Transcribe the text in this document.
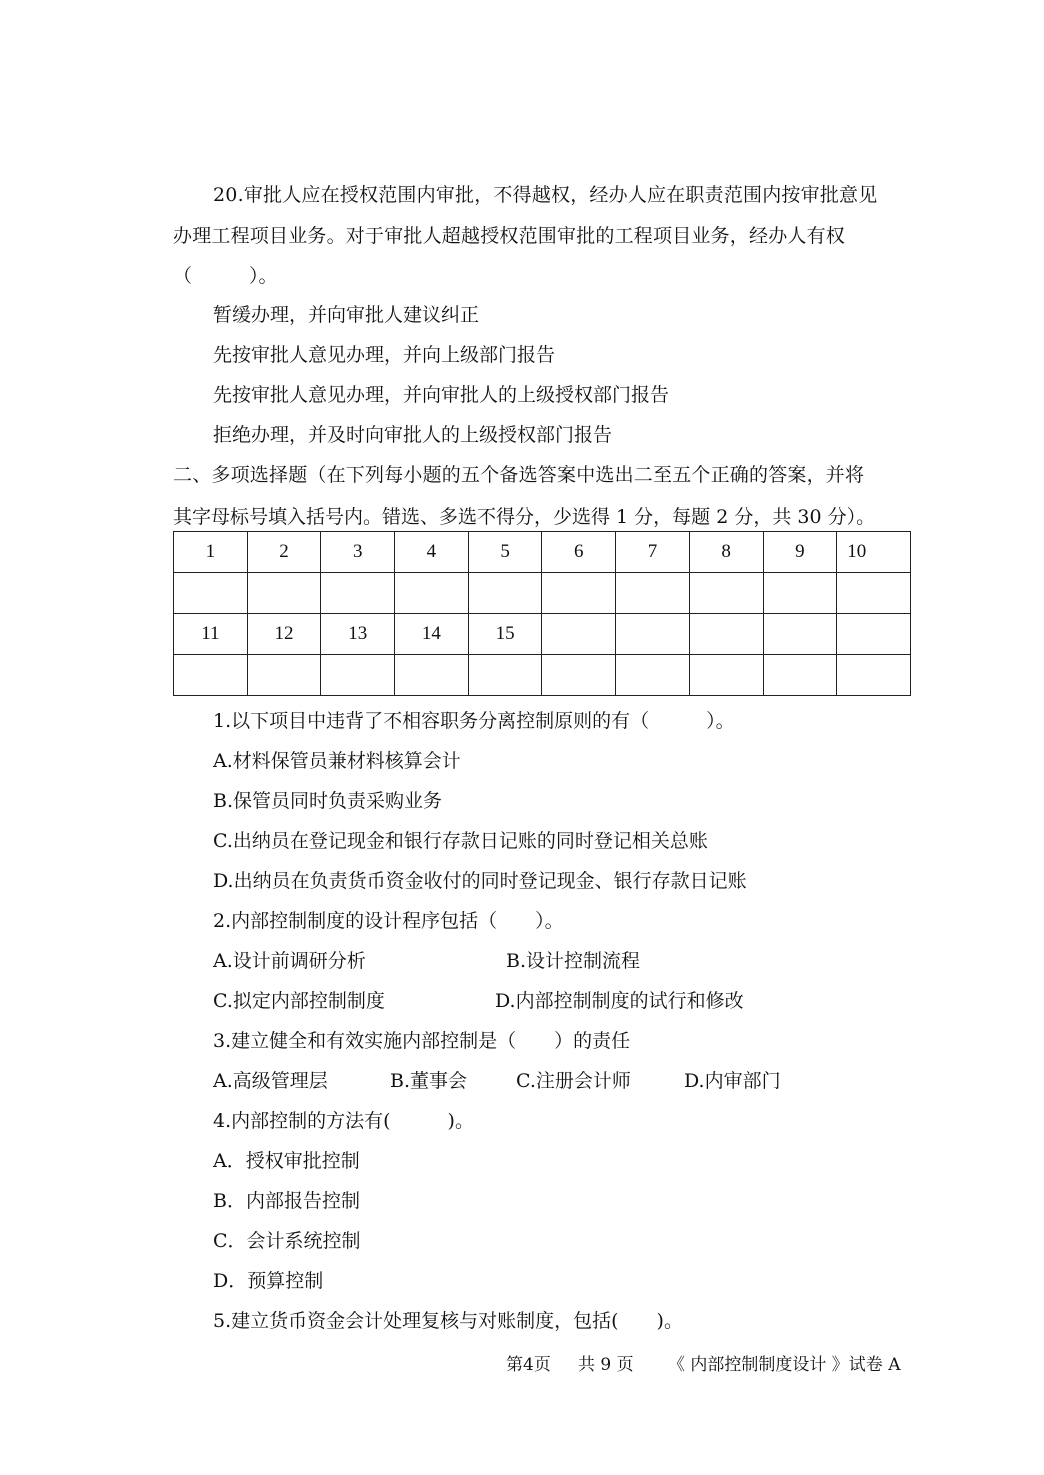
20.审批人应在授权范围内审批，不得越权，经办人应在职责范围内按审批意见
办理工程项目业务。对于审批人超越授权范围审批的工程项目业务，经办人有权
（　　　）。
暂缓办理，并向审批人建议纠正
先按审批人意见办理，并向上级部门报告
先按审批人意见办理，并向审批人的上级授权部门报告
拒绝办理，并及时向审批人的上级授权部门报告
二、多项选择题（在下列每小题的五个备选答案中选出二至五个正确的答案，并将
其字母标号填入括号内。错选、多选不得分，少选得 1 分，每题 2 分，共 30 分）。
1	2	3	4	5	6	7	8	9	10

11	12	13	14	15					

1.以下项目中违背了不相容职务分离控制原则的有（　　　）。
A.材料保管员兼材料核算会计
B.保管员同时负责采购业务
C.出纳员在登记现金和银行存款日记账的同时登记相关总账
D.出纳员在负责货币资金收付的同时登记现金、银行存款日记账
2.内部控制制度的设计程序包括（　　）。
A.设计前调研分析	B.设计控制流程
C.拟定内部控制制度	D.内部控制制度的试行和修改
3.建立健全和有效实施内部控制是（　　）的责任
A.高级管理层	B.董事会	C.注册会计师	D.内审部门
4.内部控制的方法有(　　　)。
A．授权审批控制
B．内部报告控制
C．会计系统控制
D．预算控制
5.建立货币资金会计处理复核与对账制度，包括(　　)。
第4页 共 9 页 《 内部控制制度设计 》试卷 A
